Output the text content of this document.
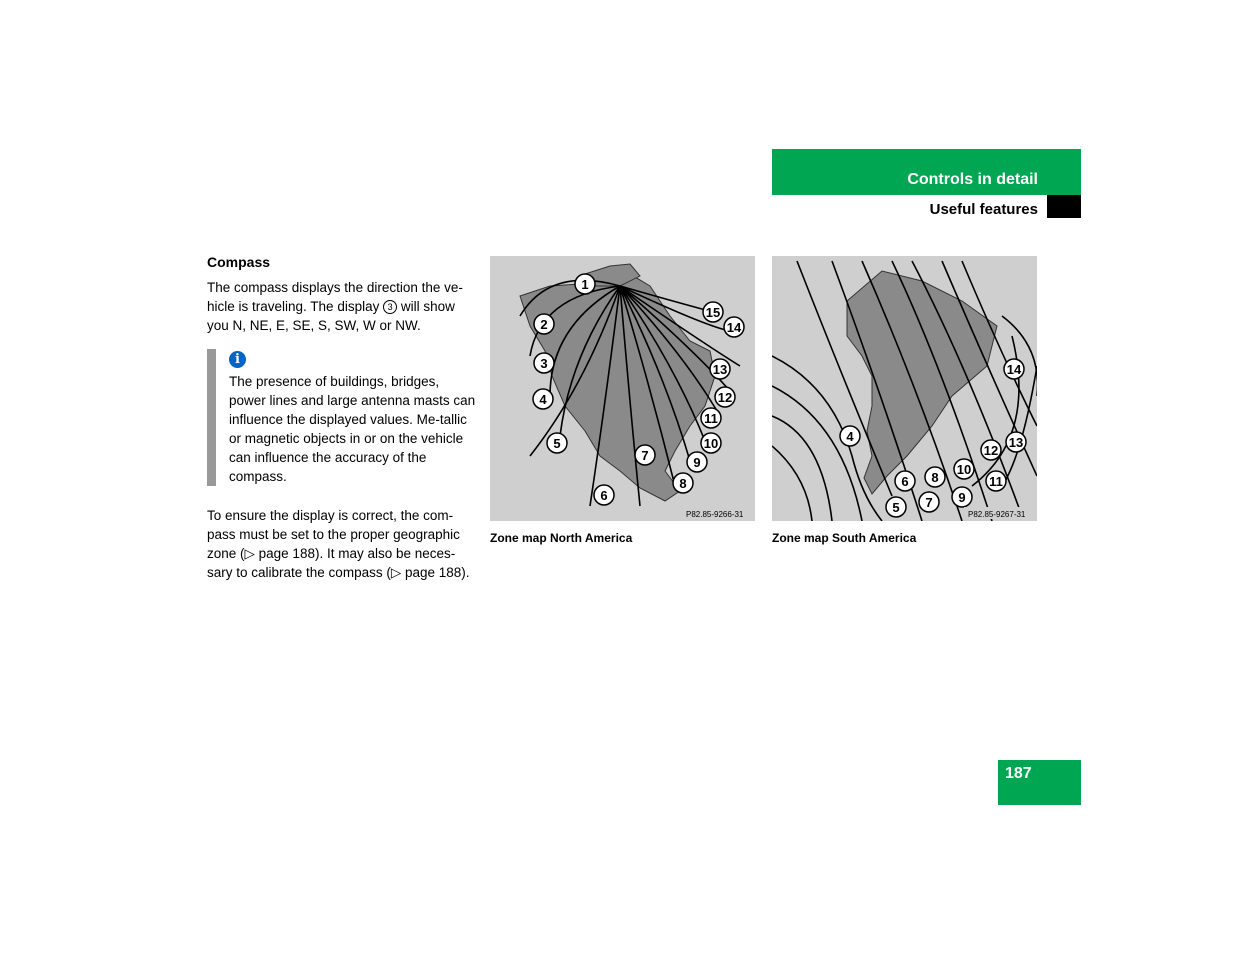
Controls in detail
Useful features
Compass

The compass displays the direction the ve-hicle is traveling. The display 3 will show you N, NE, E, SE, S, SW, W or NW.

i

The presence of buildings, bridges, power lines and large antenna masts can influence the displayed values. Me-tallic or magnetic objects in or on the vehicle can influence the accuracy of the compass.

To ensure the display is correct, the com-pass must be set to the proper geographic zone (▷ page 188). It may also be neces-sary to calibrate the compass (▷ page 188).

1
2
3
4
5
6
7
8
9
10
11
12
13
14
15
P82.85-9266-31
Zone map North America
4
5
6
7
8
9
10
11
12
13
14
P82.85-9267-31
Zone map South America
187
